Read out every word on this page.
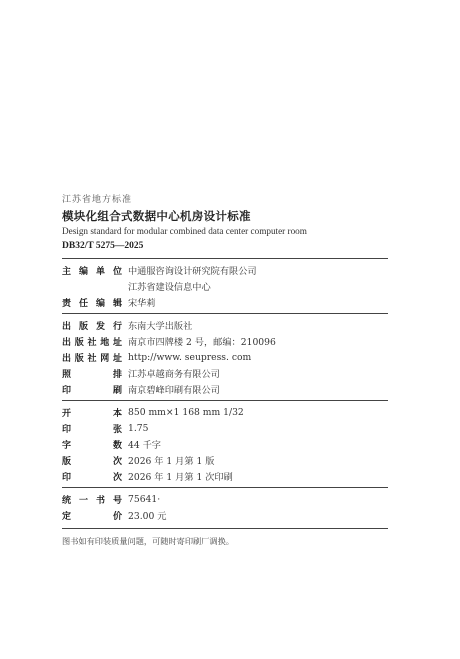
江苏省地方标准
模块化组合式数据中心机房设计标准
Design standard for modular combined data center computer room
DB32/T 5275—2025
主编单位 中通服咨询设计研究院有限公司
江苏省建设信息中心
责任编辑 宋华莉
出版发行 东南大学出版社
出版社地址 南京市四牌楼 2 号，邮编：210096
出版社网址 http://www. seupress. com
照排 江苏卓越商务有限公司
印刷 南京碧峰印刷有限公司
开本 850 mm×1 168 mm 1/32
印张 1.75
字数 44 千字
版次 2026 年 1 月第 1 版
印次 2026 年 1 月第 1 次印刷
统一书号 75641·
定价 23.00 元
图书如有印装质量问题，可随时寄印刷厂调换。
